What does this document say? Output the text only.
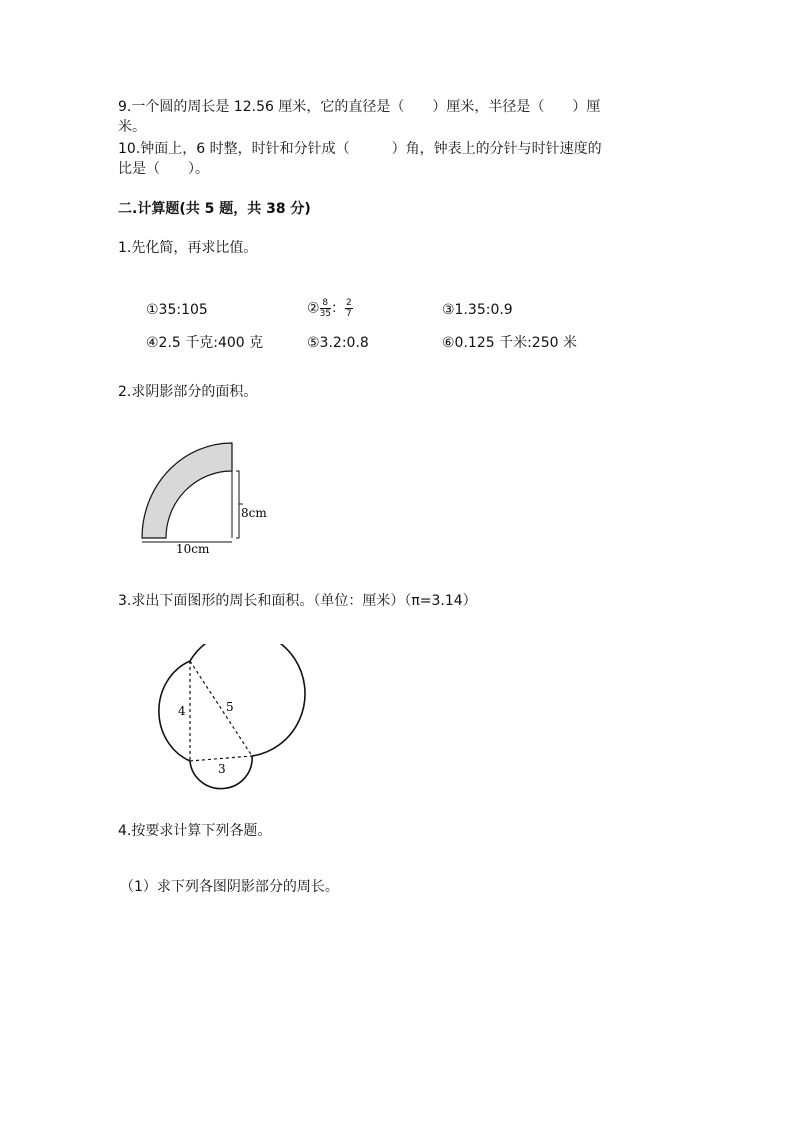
9.一个圆的周长是 12.56 厘米，它的直径是（　　）厘米，半径是（　　）厘
米。
10.钟面上，6 时整，时针和分针成（　　　）角，钟表上的分针与时针速度的
比是（　　）。
二.计算题(共 5 题，共 38 分)
1.先化简，再求比值。
①35:105	② $\frac{8}{35}$ ： $\frac{2}{7}$	③1.35:0.9
④2.5 千克:400 克	⑤3.2:0.8	⑥0.125 千米:250 米
2.求阴影部分的面积。
8cm
10cm
3.求出下面图形的周长和面积。（单位：厘米）（π=3.14）
4	5
3
4.按要求计算下列各题。
（1）求下列各图阴影部分的周长。
